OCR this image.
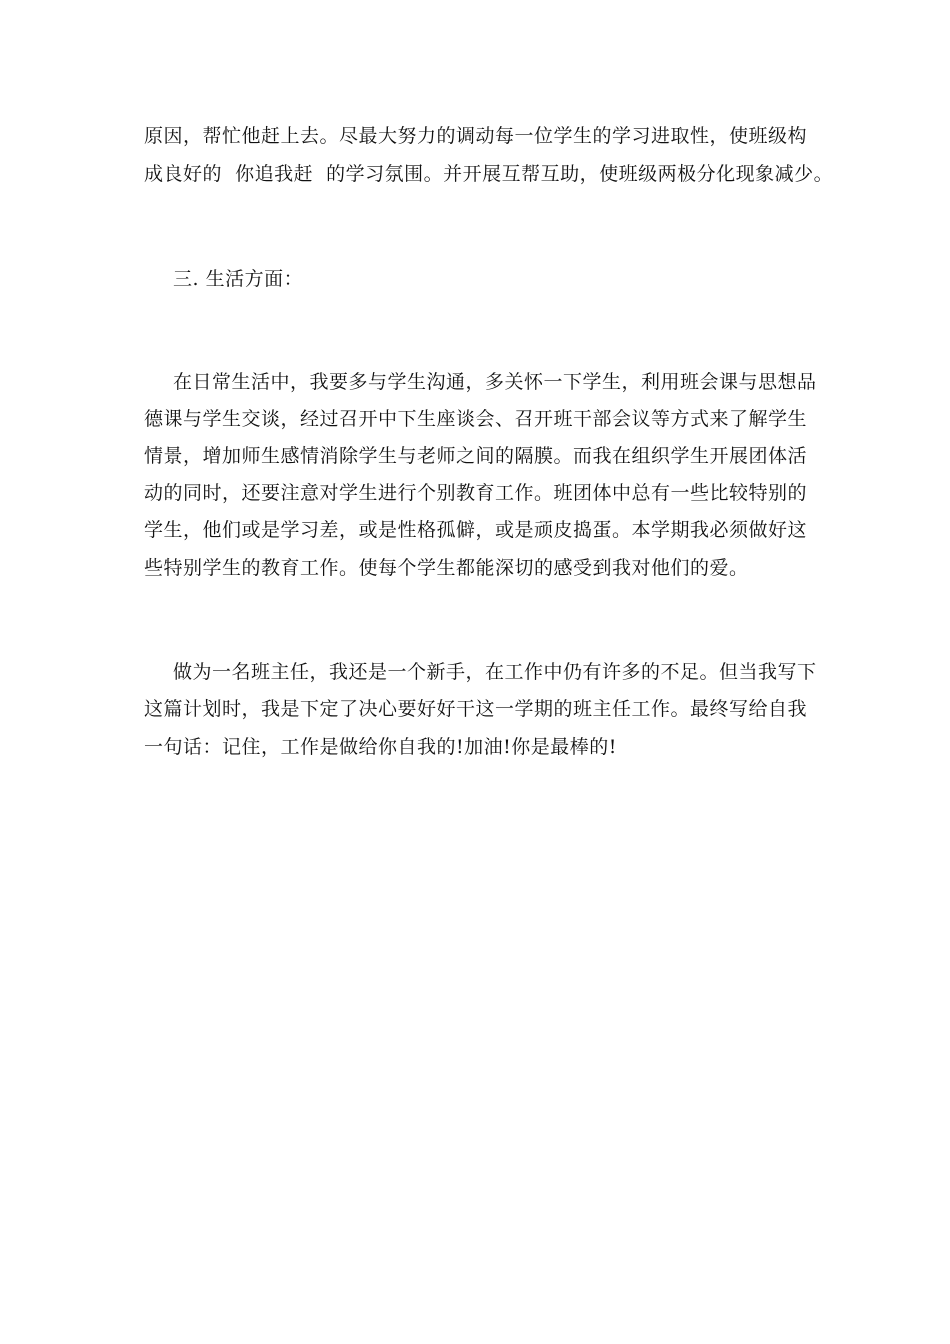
原因，帮忙他赶上去。尽最大努力的调动每一位学生的学习进取性，使班级构
成良好的  你追我赶  的学习氛围。并开展互帮互助，使班级两极分化现象减少。
三. 生活方面：
在日常生活中，我要多与学生沟通，多关怀一下学生，利用班会课与思想品
德课与学生交谈，经过召开中下生座谈会、召开班干部会议等方式来了解学生
情景，增加师生感情消除学生与老师之间的隔膜。而我在组织学生开展团体活
动的同时，还要注意对学生进行个别教育工作。班团体中总有一些比较特别的
学生，他们或是学习差，或是性格孤僻，或是顽皮捣蛋。本学期我必须做好这
些特别学生的教育工作。使每个学生都能深切的感受到我对他们的爱。
做为一名班主任，我还是一个新手，在工作中仍有许多的不足。但当我写下
这篇计划时，我是下定了决心要好好干这一学期的班主任工作。最终写给自我
一句话：记住，工作是做给你自我的!加油!你是最棒的!
